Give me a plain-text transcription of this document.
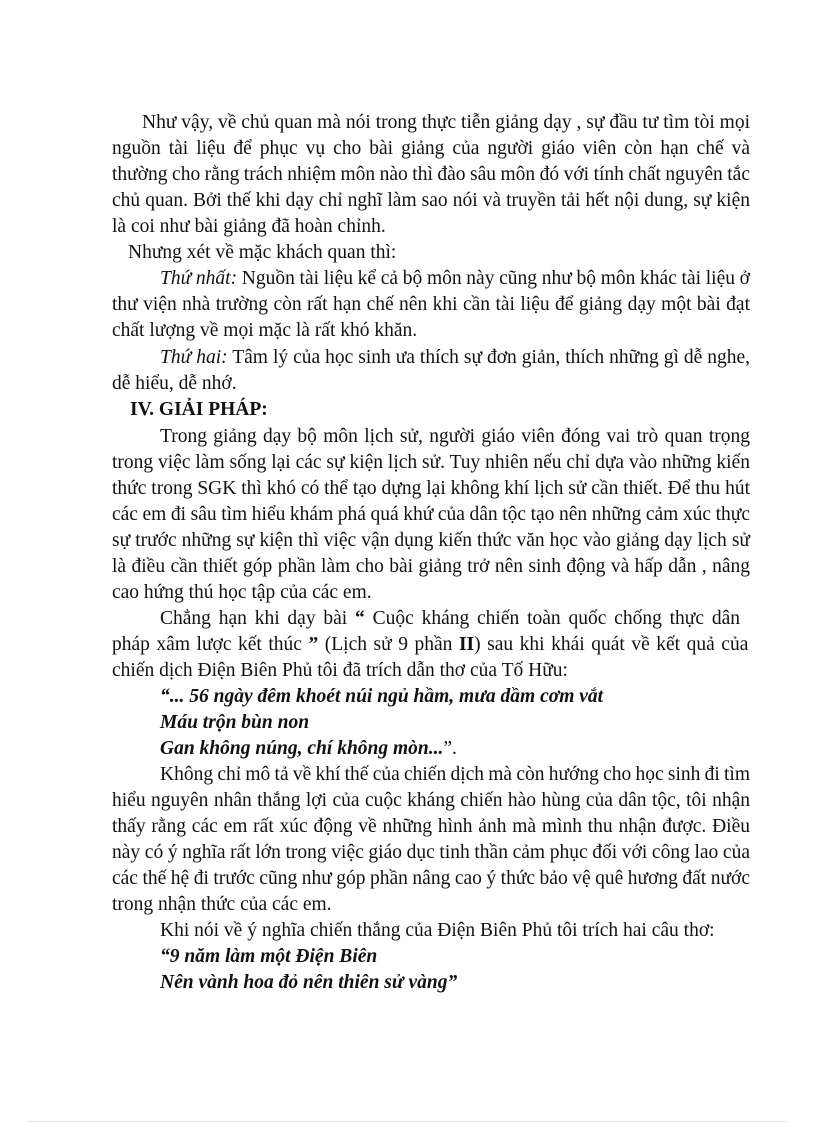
Như vậy, về chủ quan mà nói trong thực tiễn giảng dạy , sự đầu tư tìm tòi mọi
nguồn tài liệu để phục vụ cho bài giảng của người giáo viên còn hạn chế và
thường cho rằng trách nhiệm môn nào thì đào sâu môn đó với tính chất nguyên tắc
chủ quan. Bởi thế khi dạy chỉ nghĩ làm sao nói và truyền tải hết nội dung, sự kiện
là coi như bài giảng đã hoàn chỉnh.
Nhưng xét về mặc khách quan thì:
Thứ nhất: Nguồn tài liệu kể cả bộ môn này cũng như bộ môn khác tài liệu ở
thư viện nhà trường còn rất hạn chế nên khi cần tài liệu để giảng dạy một bài đạt
chất lượng về mọi mặc là rất khó khăn.
Thứ hai: Tâm lý của học sinh ưa thích sự đơn giản, thích những gì dễ nghe,
dễ hiểu, dễ nhớ.
IV. GIẢI PHÁP:
Trong giảng dạy bộ môn lịch sử, người giáo viên đóng vai trò quan trọng
trong việc làm sống lại các sự kiện lịch sử. Tuy nhiên nếu chỉ dựa vào những kiến
thức trong SGK thì khó có thể tạo dựng lại không khí lịch sử cần thiết. Để thu hút
các em đi sâu tìm hiểu khám phá quá khứ của dân tộc tạo nên những cảm xúc thực
sự trước những sự kiện thì việc vận dụng kiến thức văn học vào giảng dạy lịch sử
là điều cần thiết góp phần làm cho bài giảng trở nên sinh động và hấp dẫn , nâng
cao hứng thú học tập của các em.
Chẳng hạn khi dạy bài “ Cuộc kháng chiến toàn quốc chống thực dân
pháp xâm lược kết thúc ” (Lịch sử 9 phần II) sau khi khái quát về kết quả của
chiến dịch Điện Biên Phủ tôi đã trích dẫn thơ của Tố Hữu:
“... 56 ngày đêm khoét núi ngủ hầm, mưa dầm cơm vắt
Máu trộn bùn non
Gan không núng, chí không mòn...”.
Không chỉ mô tả về khí thế của chiến dịch mà còn hướng cho học sinh đi tìm
hiểu nguyên nhân thắng lợi của cuộc kháng chiến hào hùng của dân tộc, tôi nhận
thấy rằng các em rất xúc động về những hình ảnh mà mình thu nhận được. Điều
này có ý nghĩa rất lớn trong việc giáo dục tinh thần cảm phục đối với công lao của
các thế hệ đi trước cũng như góp phần nâng cao ý thức bảo vệ quê hương đất nước
trong nhận thức của các em.
Khi nói về ý nghĩa chiến thắng của Điện Biên Phủ tôi trích hai câu thơ:
“9 năm làm một Điện Biên
Nên vành hoa đỏ nên thiên sử vàng”
